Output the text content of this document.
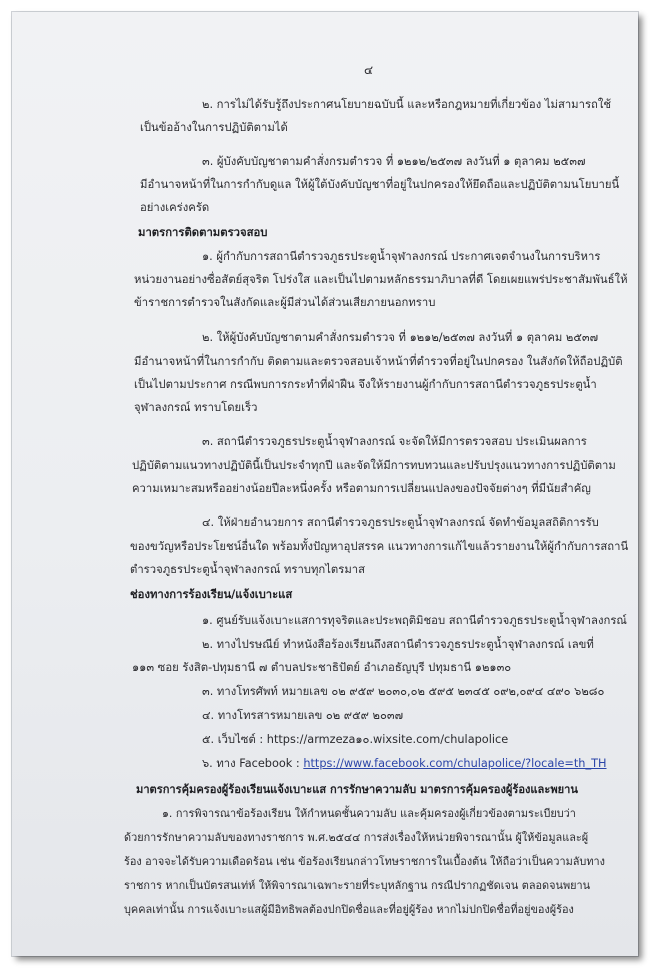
๔
๒. การไม่ได้รับรู้ถึงประกาศนโยบายฉบับนี้ และหรือกฎหมายที่เกี่ยวข้อง ไม่สามารถใช้
เป็นข้ออ้างในการปฏิบัติตามได้
๓. ผู้บังคับบัญชาตามคำสั่งกรมตำรวจ ที่ ๑๒๑๒/๒๕๓๗ ลงวันที่ ๑ ตุลาคม ๒๕๓๗
มีอำนาจหน้าที่ในการกำกับดูแล ให้ผู้ใต้บังคับบัญชาที่อยู่ในปกครองให้ยึดถือและปฏิบัติตามนโยบายนี้
อย่างเคร่งครัด
มาตรการติดตามตรวจสอบ
๑. ผู้กำกับการสถานีตำรวจภูธรประตูน้ำจุฬาลงกรณ์ ประกาศเจตจำนงในการบริหาร
หน่วยงานอย่างซื่อสัตย์สุจริต โปร่งใส และเป็นไปตามหลักธรรมาภิบาลที่ดี โดยเผยแพร่ประชาสัมพันธ์ให้
ข้าราชการตำรวจในสังกัดและผู้มีส่วนได้ส่วนเสียภายนอกทราบ
๒. ให้ผู้บังคับบัญชาตามคำสั่งกรมตำรวจ ที่ ๑๒๑๒/๒๕๓๗ ลงวันที่ ๑ ตุลาคม ๒๕๓๗
มีอำนาจหน้าที่ในการกำกับ ติดตามและตรวจสอบเจ้าหน้าที่ตำรวจที่อยู่ในปกครอง ในสังกัดให้ถือปฏิบัติ
เป็นไปตามประกาศ กรณีพบการกระทำที่ฝ่าฝืน จึงให้รายงานผู้กำกับการสถานีตำรวจภูธรประตูน้ำ
จุฬาลงกรณ์ ทราบโดยเร็ว
๓. สถานีตำรวจภูธรประตูน้ำจุฬาลงกรณ์ จะจัดให้มีการตรวจสอบ ประเมินผลการ
ปฏิบัติตามแนวทางปฏิบัตินี้เป็นประจำทุกปี และจัดให้มีการทบทวนและปรับปรุงแนวทางการปฏิบัติตาม
ความเหมาะสมหรืออย่างน้อยปีละหนึ่งครั้ง หรือตามการเปลี่ยนแปลงของปัจจัยต่างๆ ที่มีนัยสำคัญ
๔. ให้ฝ่ายอำนวยการ สถานีตำรวจภูธรประตูน้ำจุฬาลงกรณ์ จัดทำข้อมูลสถิติการรับ
ของขวัญหรือประโยชน์อื่นใด พร้อมทั้งปัญหาอุปสรรค แนวทางการแก้ไขแล้วรายงานให้ผู้กำกับการสถานี
ตำรวจภูธรประตูน้ำจุฬาลงกรณ์ ทราบทุกไตรมาส
ช่องทางการร้องเรียน/แจ้งเบาะแส
๑. ศูนย์รับแจ้งเบาะแสการทุจริตและประพฤติมิชอบ สถานีตำรวจภูธรประตูน้ำจุฬาลงกรณ์
๒. ทางไปรษณีย์ ทำหนังสือร้องเรียนถึงสถานีตำรวจภูธรประตูน้ำจุฬาลงกรณ์ เลขที่
๑๑๓ ซอย รังสิต-ปทุมธานี ๗ ตำบลประชาธิปัตย์ อำเภอธัญบุรี ปทุมธานี ๑๒๑๓๐
๓. ทางโทรศัพท์ หมายเลข ๐๒ ๙๕๙ ๒๐๓๐,๐๒ ๕๙๕ ๒๓๔๕ ๐๙๒,๐๙๔ ๔๙๐ ๖๒๘๐
๔. ทางโทรสารหมายเลข ๐๒ ๙๕๙ ๒๐๓๗
๕. เว็บไซต์ : https://armzeza๑๐.wixsite.com/chulapolice
๖. ทาง Facebook : https://www.facebook.com/chulapolice/?locale=th_TH
มาตรการคุ้มครองผู้ร้องเรียนแจ้งเบาะแส การรักษาความลับ มาตรการคุ้มครองผู้ร้องและพยาน
๑. การพิจารณาข้อร้องเรียน ให้กำหนดชั้นความลับ และคุ้มครองผู้เกี่ยวข้องตามระเบียบว่า
ด้วยการรักษาความลับของทางราชการ พ.ศ.๒๕๔๔ การส่งเรื่องให้หน่วยพิจารณานั้น ผู้ให้ข้อมูลและผู้
ร้อง อาจจะได้รับความเดือดร้อน เช่น ข้อร้องเรียนกล่าวโทษราชการในเบื้องต้น ให้ถือว่าเป็นความลับทาง
ราชการ หากเป็นบัตรสนเท่ห์ ให้พิจารณาเฉพาะรายที่ระบุหลักฐาน กรณีปรากฏชัดเจน ตลอดจนพยาน
บุคคลเท่านั้น การแจ้งเบาะแสผู้มีอิทธิพลต้องปกปิดชื่อและที่อยู่ผู้ร้อง หากไม่ปกปิดชื่อที่อยู่ของผู้ร้อง
